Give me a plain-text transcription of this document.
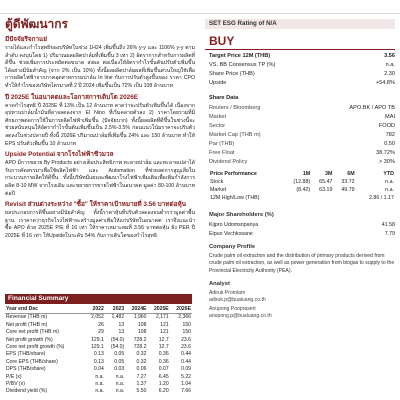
ตู้ดีพัฒนากร
มีปัจจัยรีจกาแย่
รายได้และกำไรสุทธิของบริษัทในช่วง 1H24 เพิ่มขึ้นถึง 26% y-y และ 1106% y-y ตามลำดับ คงบุนโดย 1) ปริมาณผลผลิตปาล์มที่เพิ่มขึ้น 3 เท่า 2) อัตรากากสำหรับการผลิตที่ดีขึ้น ช่วยเพิ่มการประหยัดต่อขนาด ส่งผล ต่อเนื่องให้อัตรากำไรขั้นต้นปรับตัวเพิ่มขึ้นได้อย่างมีนัยสำคัญ (จาก 2% เป็น 10%) ทั้งนี้ผลผลิตปาล์มผลที่เพิ่มขึ้นส่วนใหญ่ใช้เพื่อการผลิตไฟฟ้าจากภาคอุตสาหกรรมปาล์ม In line กับการปรับตัวสูงขึ้นของ ราคา CPO ทำให้กำไรของบริษัทไตรมาสที่ 2 ปี 2024 เพิ่มขึ้นเป็น 72% เป็น 108 ล้านบาท
ปี 2025E ในอนาคตและโอกาสการเติบโต 2026E
คาดกำไรสุทธิ ปี 2025E ที่ 13% เป็น 12 ล้านบาท คาดว่าจะปรับตัวเพิ่มขึ้นได้ เนื่องจากอุปทานปาล์มน้ำมันที่อาจลดลงจาก El Nino ที่เริ่มคลายตัวลง 2) ราคาโดยรวมที่มีศักยภาพต่อการใช้ในการผลิตไฟฟ้าเพิ่มขึ้น (ปัจจัยบวก) ทั้งนี้ผลผลิตที่ดีขึ้นในช่วงนี้จะช่วยสนับสนุนให้อัตรากำไรขั้นต้นเพิ่มขึ้นเป็น 2.5%-3.5% ก่อนแนวโน้มราคาจะปรับตัวลดลงในช่วงปลายปี ทั้งนี้ 2026E ปริมาณปาล์มที่เพิ่มขึ้น 24% และ 150 ล้านบาท ทำให้ EPS ปรับตัวเพิ่มขึ้น 10 ล้านบาท
Upside Potential จากโรงไฟฟ้าชีวมวล
APO มีการขยาย By Products อย่างเต็มประสิทธิภาพ ทะลายปาล์ม และทะลายเปล่าได้รับการคัดสรรมาเพื่อใช้ผลิตไฟฟ้า และ Automation ที่ช่วยลดการสูญเสียในกระบวนการผลิตให้ดีขึ้น ทั้งนี้บริษัทมีแผนจะพัฒนาโรงไฟฟ้าเพิ่มเติมเพื่อเพิ่มกำลังการผลิต 8-10 MW จากโรงเดิม และขยายการขายไฟฟ้าในอนาคต มูลค่า 80-100 ล้านบาทต่อปี
Revisit ส่วนต่างระหว่าง "ซื้อ" ให้ราคาเป้าหมายที่ 3.56 บาทต่อหุ้น
ผลประกอบการดีขึ้นอย่างมีนัยสำคัญ ทั้งนี้ราคาหุ้นที่ปรับตัวลดลงจนต่ำกว่ามูลค่าพื้นฐาน เราคาดว่าธุรกิจโรงไฟฟ้าจะสร้างมูลค่าเพิ่มให้แก่บริษัทในอนาคต เราจึงแนะนำซื้อ APO ด้วย 2025E P/E ที่ 16 เท่า ให้ราคาเหมาะสมที่ 3.56 บาทต่อหุ้น ยัง PER ปี 2025E ที่ 16 เท่า ให้Upsideในระดับ 54% กับการเติบโตของกำไรสุทธิ
Financial Summary
Year end Dec	2022	2023	2024E	2025E	2026E
Revenue (THB m)	2,052	1,482	1,960	2,171	2,366
Net profit (THB m)	26	13	108	121	150
Core net profit (THB m)	29	13	108	121	150
Net profit growth (%)	129.1	(54.0)	728.2	12.7	23.6
Core net profit growth (%)	129.1	(54.0)	728.2	12.7	23.6
EPS (THB/share)	0.13	0.05	0.32	0.36	0.44
Core EPS (THB/share)	0.13	0.05	0.32	0.36	0.44
DPS (THB/share)	0.04	0.03	0.06	0.07	0.09
P/E (x)	n.a.	n.a.	7.27	6.45	5.22
P/BV (x)	n.a.	n.a.	1.37	1.20	1.04
Dividend yield (%)	n.a.	n.a.	5.50	6.20	7.66
SET ESG Rating of N/A
BUY
Target Price 12M (THB)	3.56
VS. BB Consensus TP (%)	n.a.
Share Price (THB)	2.30
Upside	+54.8%
Share Data
Reuters / Bloomberg	APO.BK / APO TB
Market	MAI
Sector	FOOD
Market Cap (THB m)	782
Par (THB)	0.50
Free Float	38.72%
Dividend Policy	> 30%
Price Performance	1M	3M	6M	YTD
Stock	(12.88)	65.47	33.72	n.a.
Market	(8.42)	63.19	49.79	n.a.
12M High/Low (THB)				2.86 / 1.17
Major Shareholders (%)
Kijpro Udomsripanya	41.58
Eipuo Vechkosane	7.79
Company Profile
Crude palm oil extraction and the distribution of primary products derived from crude palm oil extraction, as well as power generation from biogas to supply to the Provincial Electricity Authority (PEA).
Analyst
Adiruk Promlam
adiruk.p@bualuang.co.th
Anupong Pooprasert
anupong.p@bualuang.co.th
